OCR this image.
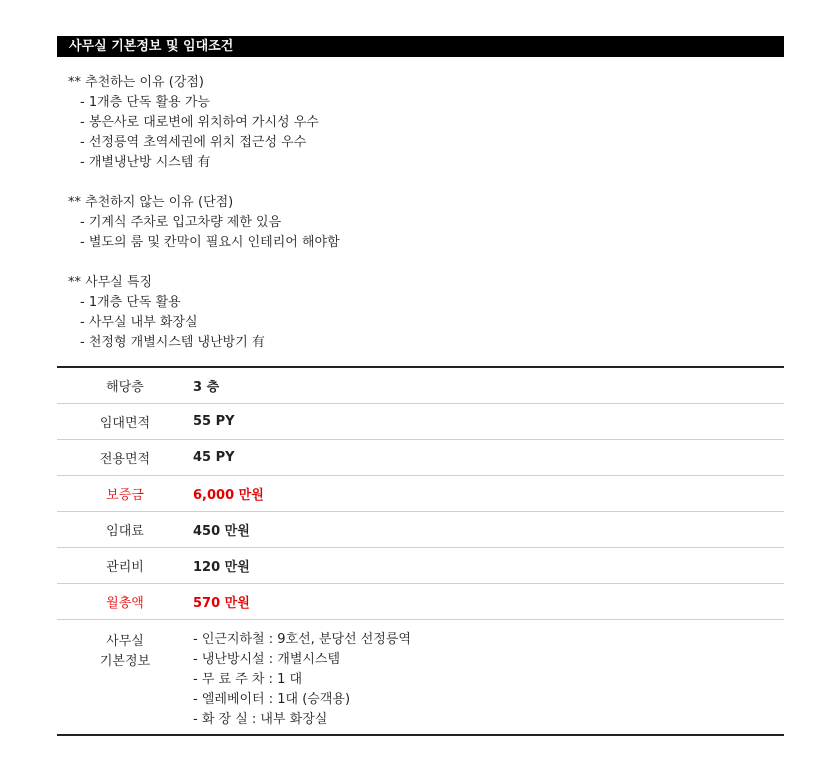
사무실 기본정보 및 임대조건
** 추천하는 이유 (강점)
- 1개층 단독 활용 가능
- 봉은사로 대로변에 위치하여 가시성 우수
- 선정릉역 초역세권에 위치 접근성 우수
- 개별냉난방 시스템 有
** 추천하지 않는 이유 (단점)
- 기계식 주차로 입고차량 제한 있음
- 별도의 룸 및 칸막이 필요시 인테리어 해야함
** 사무실 특징
- 1개층 단독 활용
- 사무실 내부 화장실
- 천정형 개별시스템 냉난방기 有
해당층	3 층
임대면적	55 PY
전용면적	45 PY
보증금	6,000 만원
임대료	450 만원
관리비	120 만원
월총액	570 만원
사무실
기본정보
- 인근지하철 : 9호선, 분당선 선정릉역
- 냉난방시설 : 개별시스템
- 무 료 주 차 : 1 대
- 엘레베이터 : 1대 (승객용)
- 화 장 실 : 내부 화장실
